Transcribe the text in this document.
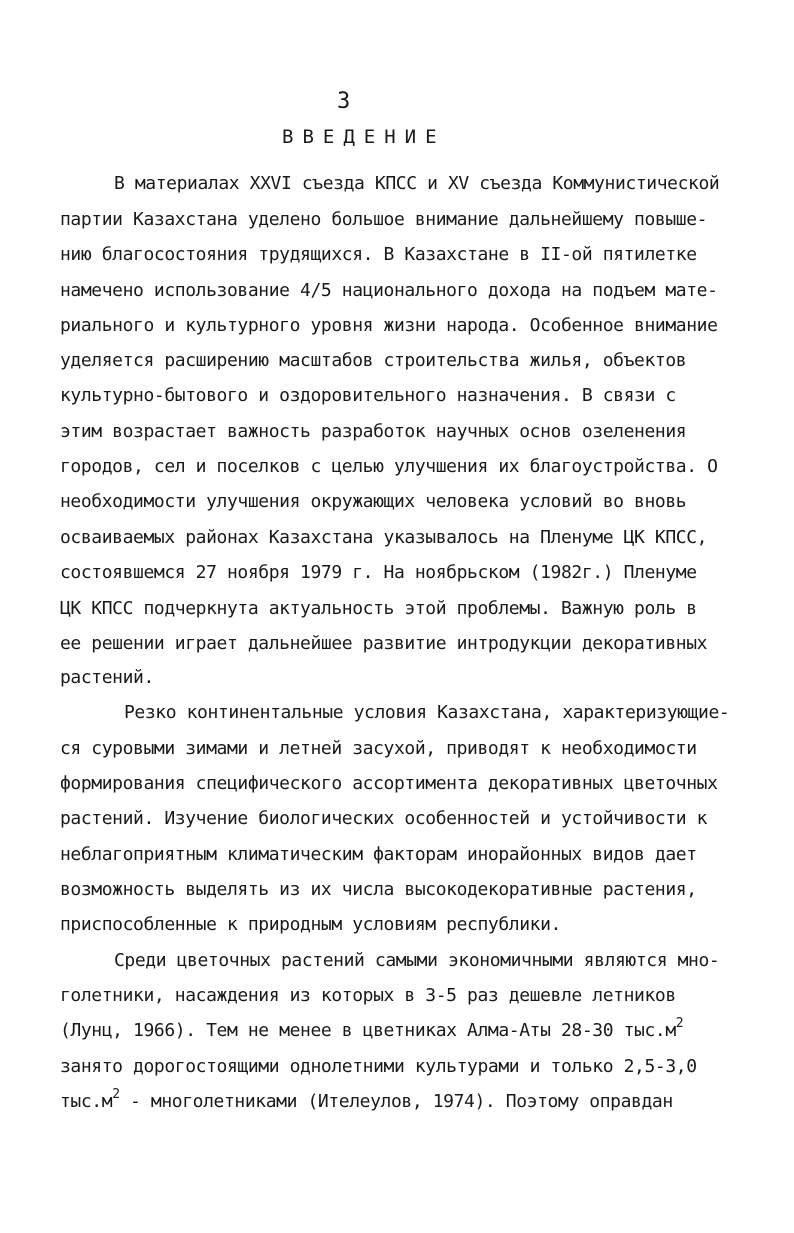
3
ВВЕДЕНИЕ
В материалах XXVI съезда КПСС и XV съезда Коммунистической
партии Казахстана уделено большое внимание дальнейшему повыше-
нию благосостояния трудящихся. В Казахстане в II-ой пятилетке
намечено использование 4/5 национального дохода на подъем мате-
риального и культурного уровня жизни народа. Особенное внимание
уделяется расширению масштабов строительства жилья, объектов
культурно-бытового и оздоровительного назначения. В связи с
этим возрастает важность разработок научных основ озеленения
городов, сел и поселков с целью улучшения их благоустройства. О
необходимости улучшения окружающих человека условий во вновь
осваиваемых районах Казахстана указывалось на Пленуме ЦК КПСС,
состоявшемся 27 ноября 1979 г. На ноябрьском (1982г.) Пленуме
ЦК КПСС подчеркнута актуальность этой проблемы. Важную роль в
ее решении играет дальнейшее развитие интродукции декоративных
растений.
Резко континентальные условия Казахстана, характеризующие-
ся суровыми зимами и летней засухой, приводят к необходимости
формирования специфического ассортимента декоративных цветочных
растений. Изучение биологических особенностей и устойчивости к
неблагоприятным климатическим факторам инорайонных видов дает
возможность выделять из их числа высокодекоративные растения,
приспособленные к природным условиям республики.
Среди цветочных растений самыми экономичными являются мно-
голетники, насаждения из которых в 3-5 раз дешевле летников
(Лунц, 1966). Тем не менее в цветниках Алма-Аты 28-30 $тыс.м^2$
занято дорогостоящими однолетними культурами и только 2,5-3,0
$тыс.м^2$ - многолетниками (Ителеулов, 1974). Поэтому оправдан
